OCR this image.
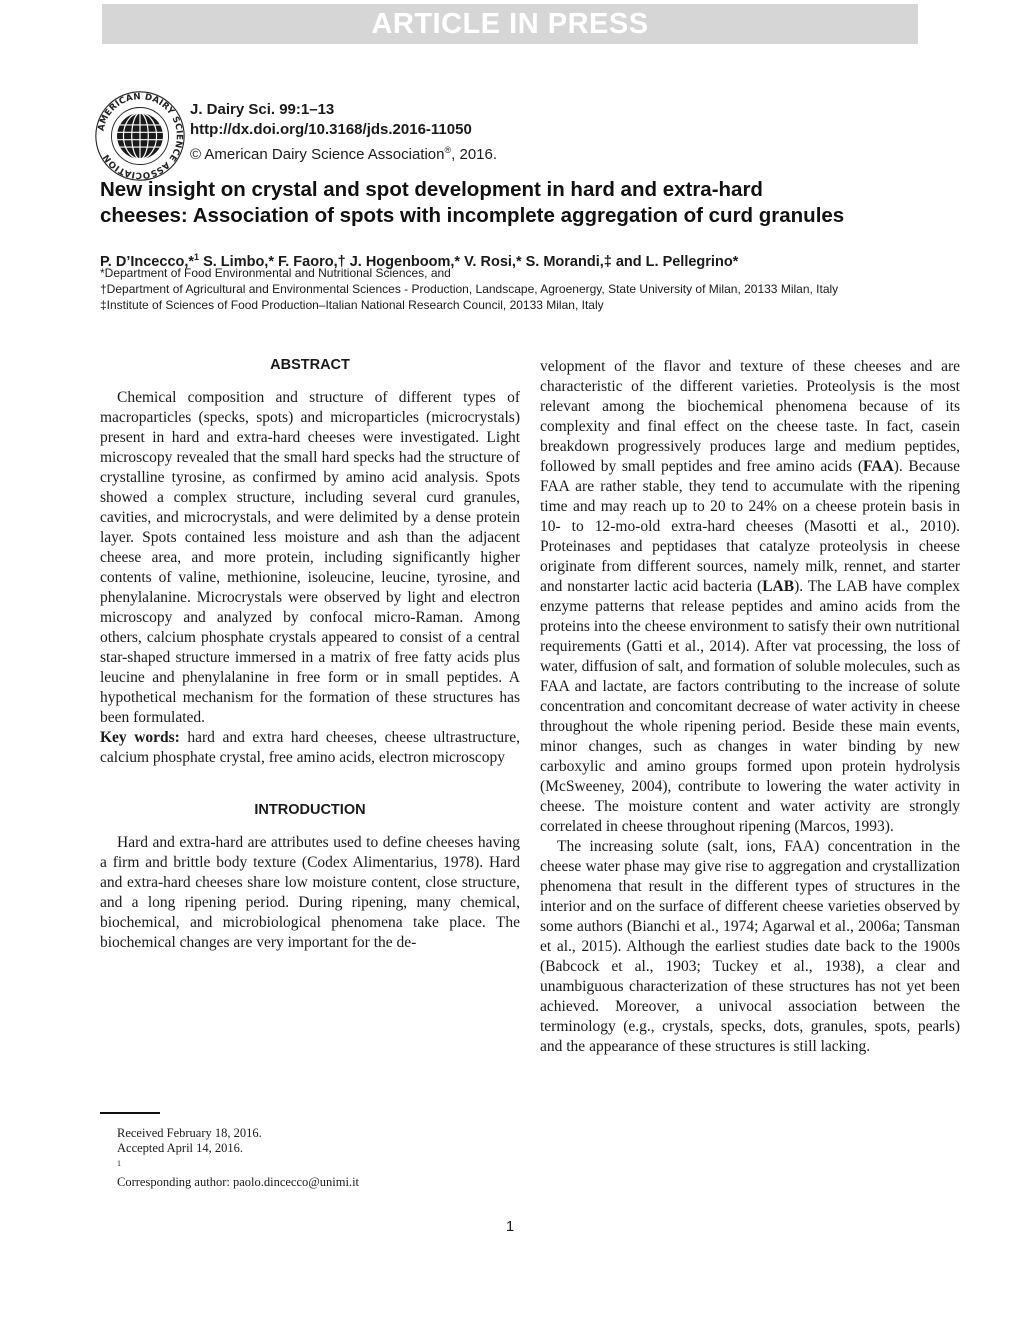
ARTICLE IN PRESS
AMERICAN DAIRY SCIENCE ASSOCIATION
J. Dairy Sci. 99:1–13
http://dx.doi.org/10.3168/jds.2016-11050
© American Dairy Science Association®, 2016.
New insight on crystal and spot development in hard and extra-hard
cheeses: Association of spots with incomplete aggregation of curd granules
P. D’Incecco,*$^1$ S. Limbo,* F. Faoro,† J. Hogenboom,* V. Rosi,* S. Morandi,‡ and L. Pellegrino*
*Department of Food Environmental and Nutritional Sciences, and
†Department of Agricultural and Environmental Sciences - Production, Landscape, Agroenergy, State University of Milan, 20133 Milan, Italy
‡Institute of Sciences of Food Production–Italian National Research Council, 20133 Milan, Italy
ABSTRACT

Chemical composition and structure of different types of macroparticles (specks, spots) and microparticles (microcrystals) present in hard and extra-hard cheeses were investigated. Light microscopy revealed that the small hard specks had the structure of crystalline tyrosine, as confirmed by amino acid analysis. Spots showed a complex structure, including several curd granules, cavities, and microcrystals, and were delimited by a dense protein layer. Spots contained less moisture and ash than the adjacent cheese area, and more protein, including significantly higher contents of valine, methionine, isoleucine, leucine, tyrosine, and phenylalanine. Microcrystals were observed by light and electron microscopy and analyzed by confocal micro-Raman. Among others, calcium phosphate crystals appeared to consist of a central star-shaped structure immersed in a matrix of free fatty acids plus leucine and phenylalanine in free form or in small peptides. A hypothetical mechanism for the formation of these structures has been formulated.

Key words: hard and extra hard cheeses, cheese ultrastructure, calcium phosphate crystal, free amino acids, electron microscopy

INTRODUCTION

Hard and extra-hard are attributes used to define cheeses having a firm and brittle body texture (Codex Alimentarius, 1978). Hard and extra-hard cheeses share low moisture content, close structure, and a long ripening period. During ripening, many chemical, biochemical, and microbiological phenomena take place. The biochemical changes are very important for the de-

velopment of the flavor and texture of these cheeses and are characteristic of the different varieties. Proteolysis is the most relevant among the biochemical phenomena because of its complexity and final effect on the cheese taste. In fact, casein breakdown progressively produces large and medium peptides, followed by small peptides and free amino acids (FAA). Because FAA are rather stable, they tend to accumulate with the ripening time and may reach up to 20 to 24% on a cheese protein basis in 10- to 12-mo-old extra-hard cheeses (Masotti et al., 2010). Proteinases and peptidases that catalyze proteolysis in cheese originate from different sources, namely milk, rennet, and starter and nonstarter lactic acid bacteria (LAB). The LAB have complex enzyme patterns that release peptides and amino acids from the proteins into the cheese environment to satisfy their own nutritional requirements (Gatti et al., 2014). After vat processing, the loss of water, diffusion of salt, and formation of soluble molecules, such as FAA and lactate, are factors contributing to the increase of solute concentration and concomitant decrease of water activity in cheese throughout the whole ripening period. Beside these main events, minor changes, such as changes in water binding by new carboxylic and amino groups formed upon protein hydrolysis (McSweeney, 2004), contribute to lowering the water activity in cheese. The moisture content and water activity are strongly correlated in cheese throughout ripening (Marcos, 1993).

The increasing solute (salt, ions, FAA) concentration in the cheese water phase may give rise to aggregation and crystallization phenomena that result in the different types of structures in the interior and on the surface of different cheese varieties observed by some authors (Bianchi et al., 1974; Agarwal et al., 2006a; Tansman et al., 2015). Although the earliest studies date back to the 1900s (Babcock et al., 1903; Tuckey et al., 1938), a clear and unambiguous characterization of these structures has not yet been achieved. Moreover, a univocal association between the terminology (e.g., crystals, specks, dots, granules, spots, pearls) and the appearance of these structures is still lacking.

Received February 18, 2016.
Accepted April 14, 2016.
$^1$
Corresponding author: paolo.dincecco@unimi.it
1
